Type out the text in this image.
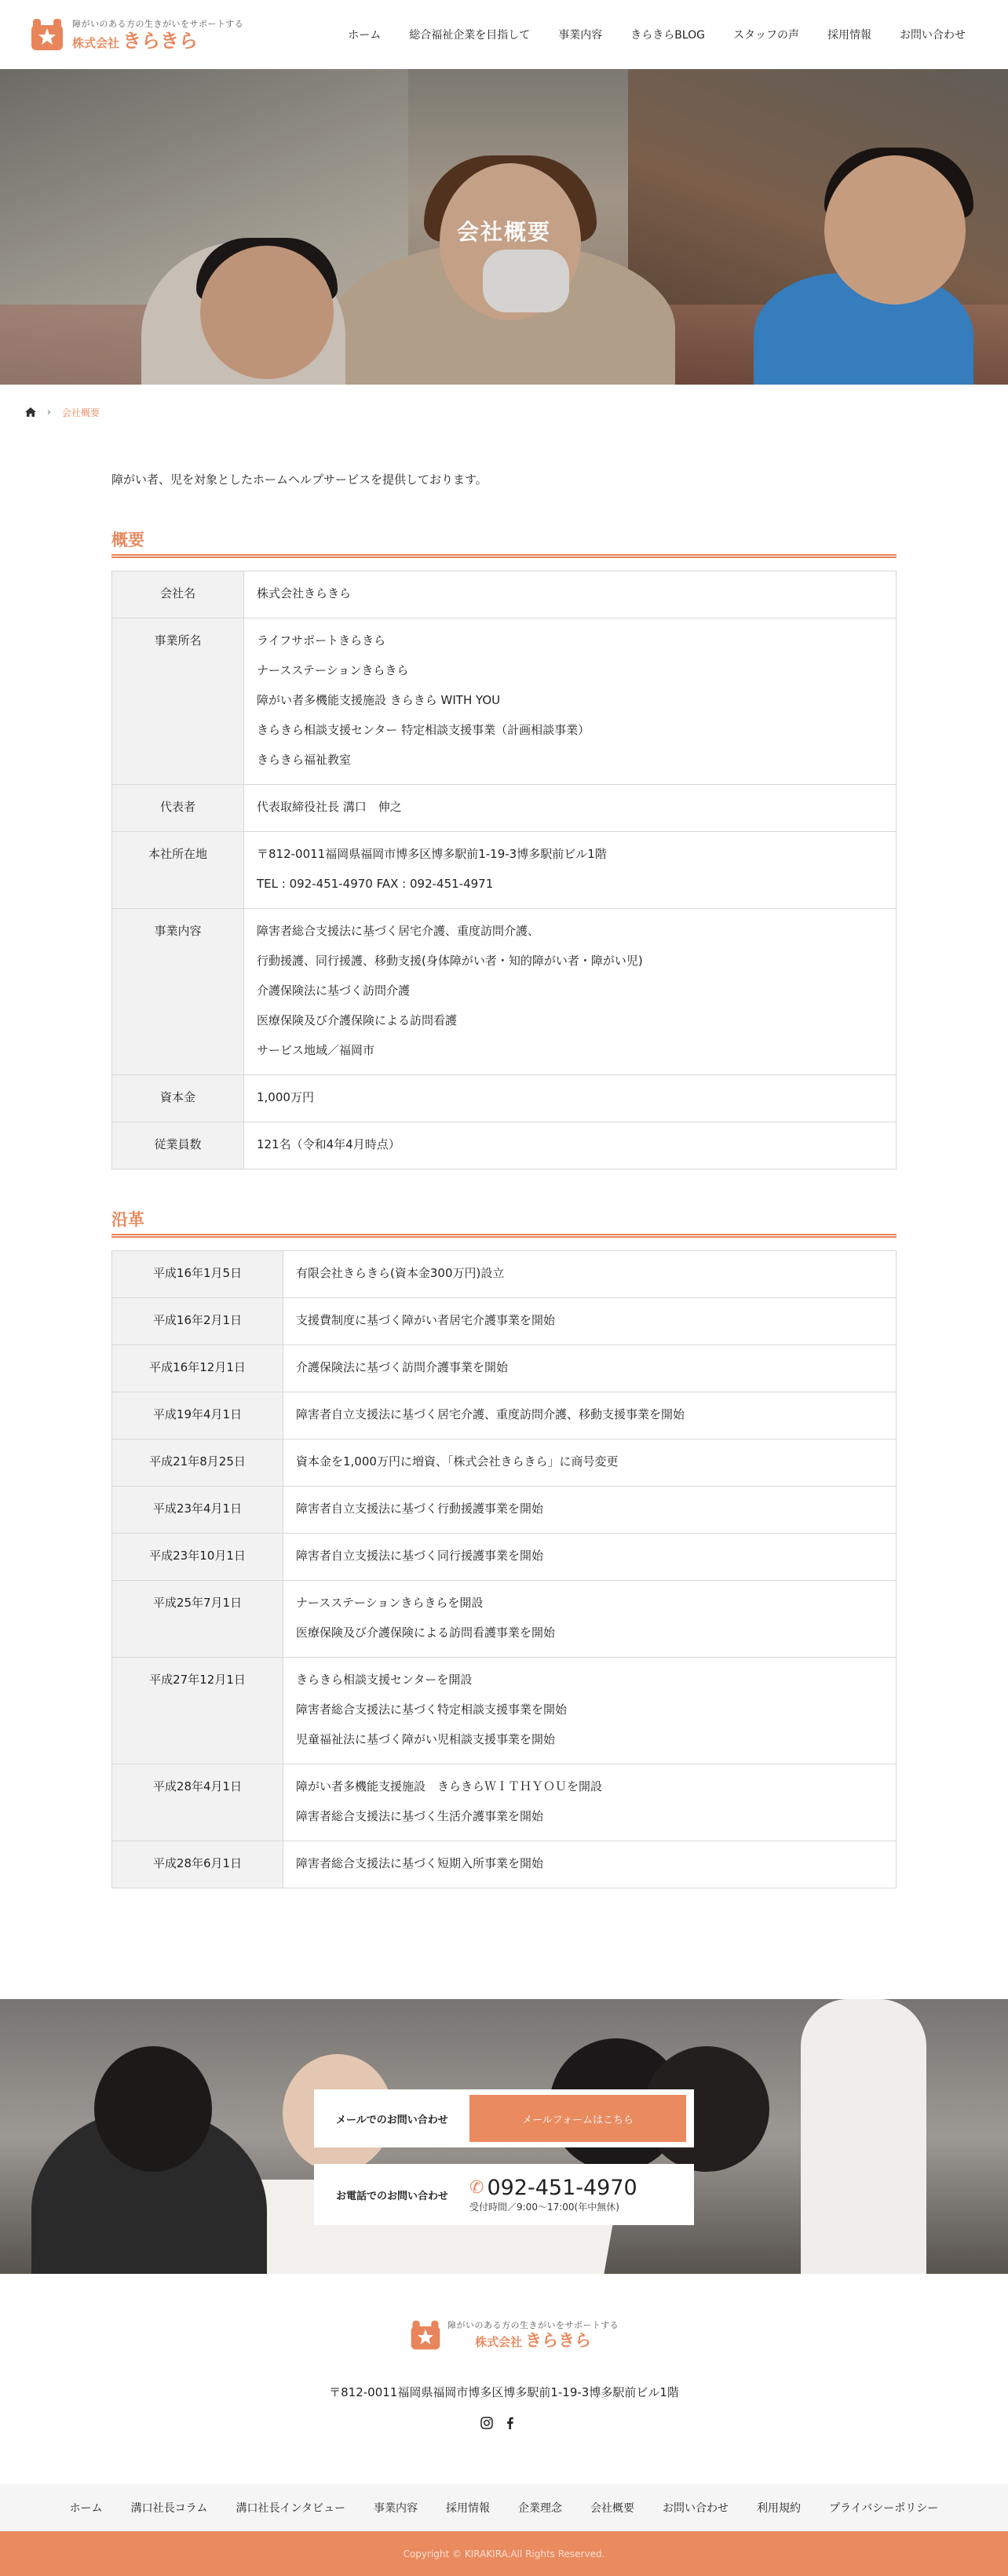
障がいのある方の生きがいをサポートする
株式会社 きらきら	ホーム	総合福祉企業を目指して	事業内容	きらきらBLOG	スタッフの声	採用情報	お問い合わせ
会社概要
› 会社概要

障がい者、児を対象としたホームヘルプサービスを提供しております。

概要
会社名	株式会社きらきら

事業所名	ライフサポートきらきら
ナースステーションきらきら
障がい者多機能支援施設 きらきら WITH YOU
きらきら相談支援センター 特定相談支援事業（計画相談事業）
きらきら福祉教室

代表者	代表取締役社長 溝口　伸之

本社所在地	〒812-0011福岡県福岡市博多区博多駅前1-19-3博多駅前ビル1階
TEL : 092-451-4970 FAX : 092-451-4971

事業内容	障害者総合支援法に基づく居宅介護、重度訪問介護、
行動援護、同行援護、移動支援(身体障がい者・知的障がい者・障がい児)
介護保険法に基づく訪問介護
医療保険及び介護保険による訪問看護
サービス地域／福岡市

資本金	1,000万円

従業員数	121名（令和4年4月時点）
沿革
平成16年1月5日	有限会社きらきら(資本金300万円)設立

平成16年2月1日	支援費制度に基づく障がい者居宅介護事業を開始

平成16年12月1日	介護保険法に基づく訪問介護事業を開始

平成19年4月1日	障害者自立支援法に基づく居宅介護、重度訪問介護、移動支援事業を開始

平成21年8月25日	資本金を1,000万円に増資、「株式会社きらきら」に商号変更

平成23年4月1日	障害者自立支援法に基づく行動援護事業を開始

平成23年10月1日	障害者自立支援法に基づく同行援護事業を開始

平成25年7月1日	ナースステーションきらきらを開設
医療保険及び介護保険による訪問看護事業を開始

平成27年12月1日	きらきら相談支援センターを開設
障害者総合支援法に基づく特定相談支援事業を開始
児童福祉法に基づく障がい児相談支援事業を開始

平成28年4月1日	障がい者多機能支援施設　きらきらＷＩＴＨＹＯＵを開設
障害者総合支援法に基づく生活介護事業を開始

平成28年6月1日	障害者総合支援法に基づく短期入所事業を開始
メールでのお問い合わせ	メールフォームはこちら
お電話でのお問い合わせ	✆ 092-451-4970
受付時間／9:00～17:00(年中無休)
障がいのある方の生きがいをサポートする
株式会社 きらきら

〒812-0011福岡県福岡市博多区博多駅前1-19-3博多駅前ビル1階

ホーム	溝口社長コラム	溝口社長インタビュー	事業内容	採用情報	企業理念	会社概要	お問い合わせ	利用規約	プライバシーポリシー
Copyright © KIRAKIRA.All Rights Reserved.
